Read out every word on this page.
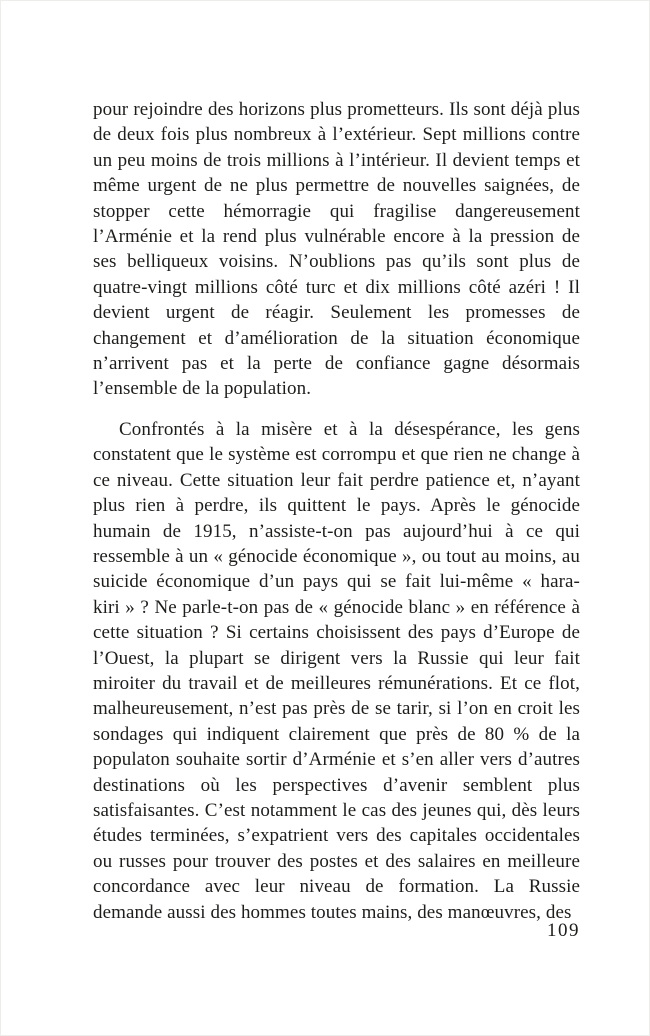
pour rejoindre des horizons plus prometteurs. Ils sont déjà plus de deux fois plus nombreux à l’extérieur. Sept millions contre un peu moins de trois millions à l’intérieur. Il devient temps et même urgent de ne plus permettre de nouvelles saignées, de stopper cette hémorragie qui fragilise dangereusement l’Arménie et la rend plus vulnérable encore à la pression de ses belliqueux voisins. N’oublions pas qu’ils sont plus de quatre-vingt millions côté turc et dix millions côté azéri ! Il devient urgent de réagir. Seulement les promesses de changement et d’amélioration de la situation économique n’arrivent pas et la perte de confiance gagne désormais l’ensemble de la population.

Confrontés à la misère et à la désespérance, les gens constatent que le système est corrompu et que rien ne change à ce niveau. Cette situation leur fait perdre patience et, n’ayant plus rien à perdre, ils quittent le pays. Après le génocide humain de 1915, n’assiste-t-on pas aujourd’hui à ce qui ressemble à un « génocide économique », ou tout au moins, au suicide économique d’un pays qui se fait lui-même « hara-kiri » ? Ne parle-t-on pas de « génocide blanc » en référence à cette situation ? Si certains choisissent des pays d’Europe de l’Ouest, la plupart se dirigent vers la Russie qui leur fait miroiter du travail et de meilleures rémunérations. Et ce flot, malheureusement, n’est pas près de se tarir, si l’on en croit les sondages qui indiquent clairement que près de 80 % de la populaton souhaite sortir d’Arménie et s’en aller vers d’autres destinations où les perspectives d’avenir semblent plus satisfaisantes. C’est notamment le cas des jeunes qui, dès leurs études terminées, s’expatrient vers des capitales occidentales ou russes pour trouver des postes et des salaires en meilleure concordance avec leur niveau de formation. La Russie demande aussi des hommes toutes mains, des manœuvres, des

109
